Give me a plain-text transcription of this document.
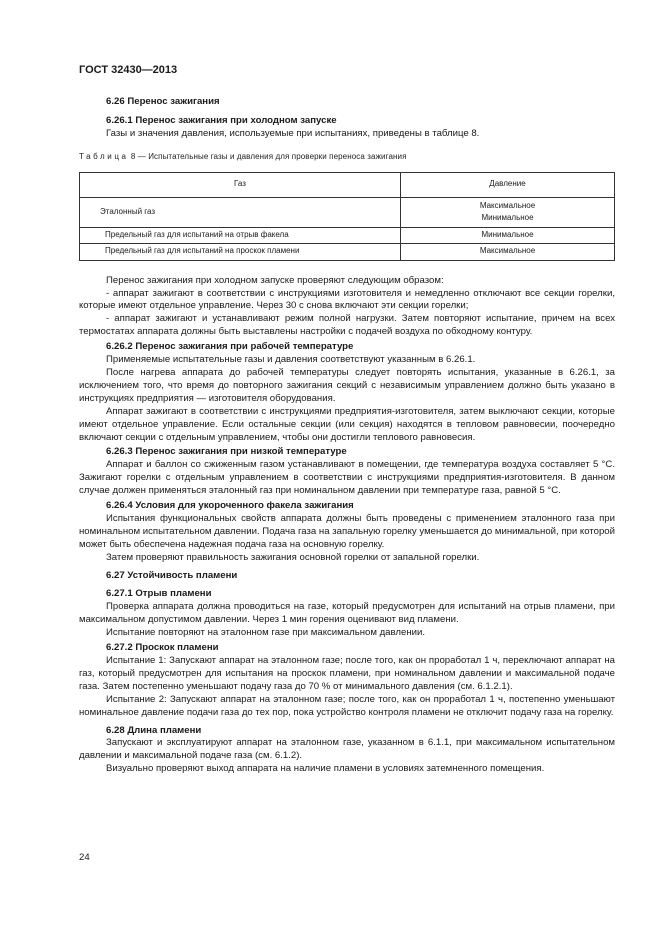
ГОСТ 32430—2013

6.26 Перенос зажигания

6.26.1 Перенос зажигания при холодном запуске

Газы и значения давления, используемые при испытаниях, приведены в таблице 8.

Таблица 8 — Испытательные газы и давления для проверки переноса зажигания
Газ	Давление
Эталонный газ	Максимальное
Минимальное

Предельный газ для испытаний на отрыв факела	Минимальное
Предельный газ для испытаний на проскок пламени	Максимальное

Перенос зажигания при холодном запуске проверяют следующим образом:

- аппарат зажигают в соответствии с инструкциями изготовителя и немедленно отключают все секции горелки, которые имеют отдельное управление. Через 30 с снова включают эти секции горелки;

- аппарат зажигают и устанавливают режим полной нагрузки. Затем повторяют испытание, причем на всех термостатах аппарата должны быть выставлены настройки с подачей воздуха по обходному контуру.

6.26.2 Перенос зажигания при рабочей температуре

Применяемые испытательные газы и давления соответствуют указанным в 6.26.1.

После нагрева аппарата до рабочей температуры следует повторять испытания, указанные в 6.26.1, за исключением того, что время до повторного зажигания секций с независимым управлением должно быть указано в инструкциях предприятия — изготовителя оборудования.

Аппарат зажигают в соответствии с инструкциями предприятия-изготовителя, затем выключают секции, которые имеют отдельное управление. Если остальные секции (или секция) находятся в тепловом равновесии, поочередно включают секции с отдельным управлением, чтобы они достигли теплового равновесия.

6.26.3 Перенос зажигания при низкой температуре

Аппарат и баллон со сжиженным газом устанавливают в помещении, где температура воздуха составляет 5 °С. Зажигают горелки с отдельным управлением в соответствии с инструкциями предприятия-изготовителя. В данном случае должен применяться эталонный газ при номинальном давлении при температуре газа, равной 5 °С.

6.26.4 Условия для укороченного факела зажигания

Испытания функциональных свойств аппарата должны быть проведены с применением эталонного газа при номинальном испытательном давлении. Подача газа на запальную горелку уменьшается до минимальной, при которой может быть обеспечена надежная подача газа на основную горелку.

Затем проверяют правильность зажигания основной горелки от запальной горелки.

6.27 Устойчивость пламени

6.27.1 Отрыв пламени

Проверка аппарата должна проводиться на газе, который предусмотрен для испытаний на отрыв пламени, при максимальном допустимом давлении. Через 1 мин горения оценивают вид пламени.

Испытание повторяют на эталонном газе при максимальном давлении.

6.27.2 Проскок пламени

Испытание 1: Запускают аппарат на эталонном газе; после того, как он проработал 1 ч, переключают аппарат на газ, который предусмотрен для испытания на проскок пламени, при номинальном давлении и максимальной подаче газа. Затем постепенно уменьшают подачу газа до 70 % от минимального давления (см. 6.1.2.1).

Испытание 2: Запускают аппарат на эталонном газе; после того, как он проработал 1 ч, постепенно уменьшают номинальное давление подачи газа до тех пор, пока устройство контроля пламени не отключит подачу газа на горелку.

6.28 Длина пламени

Запускают и эксплуатируют аппарат на эталонном газе, указанном в 6.1.1, при максимальном испытательном давлении и максимальной подаче газа (см. 6.1.2).

Визуально проверяют выход аппарата на наличие пламени в условиях затемненного помещения.

24
